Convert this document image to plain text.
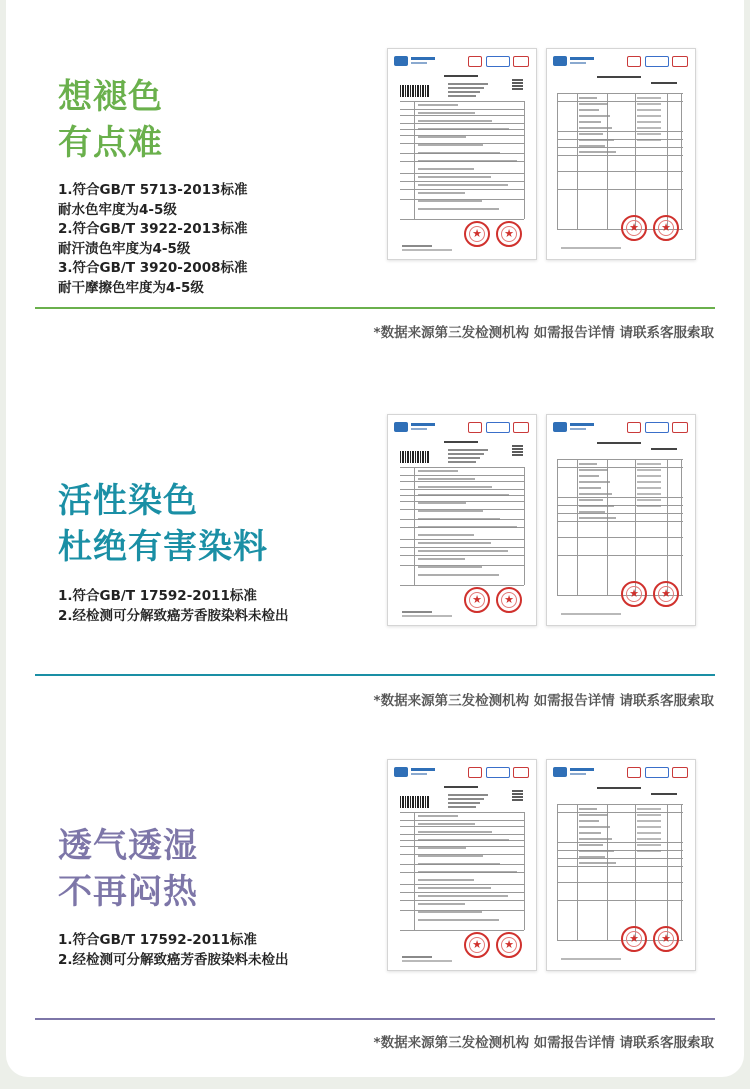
想褪色
有点难
1.符合GB/T 5713-2013标准
耐水色牢度为4-5级
2.符合GB/T 3922-2013标准
耐汗渍色牢度为4-5级
3.符合GB/T 3920-2008标准
耐干摩擦色牢度为4-5级
★
★
★
★
*数据来源第三发检测机构 如需报告详情 请联系客服索取
活性染色
杜绝有害染料
1.符合GB/T 17592-2011标准
2.经检测可分解致癌芳香胺染料未检出
★
★
★
★
*数据来源第三发检测机构 如需报告详情 请联系客服索取
透气透湿
不再闷热
1.符合GB/T 17592-2011标准
2.经检测可分解致癌芳香胺染料未检出
★
★
★
★
*数据来源第三发检测机构 如需报告详情 请联系客服索取
